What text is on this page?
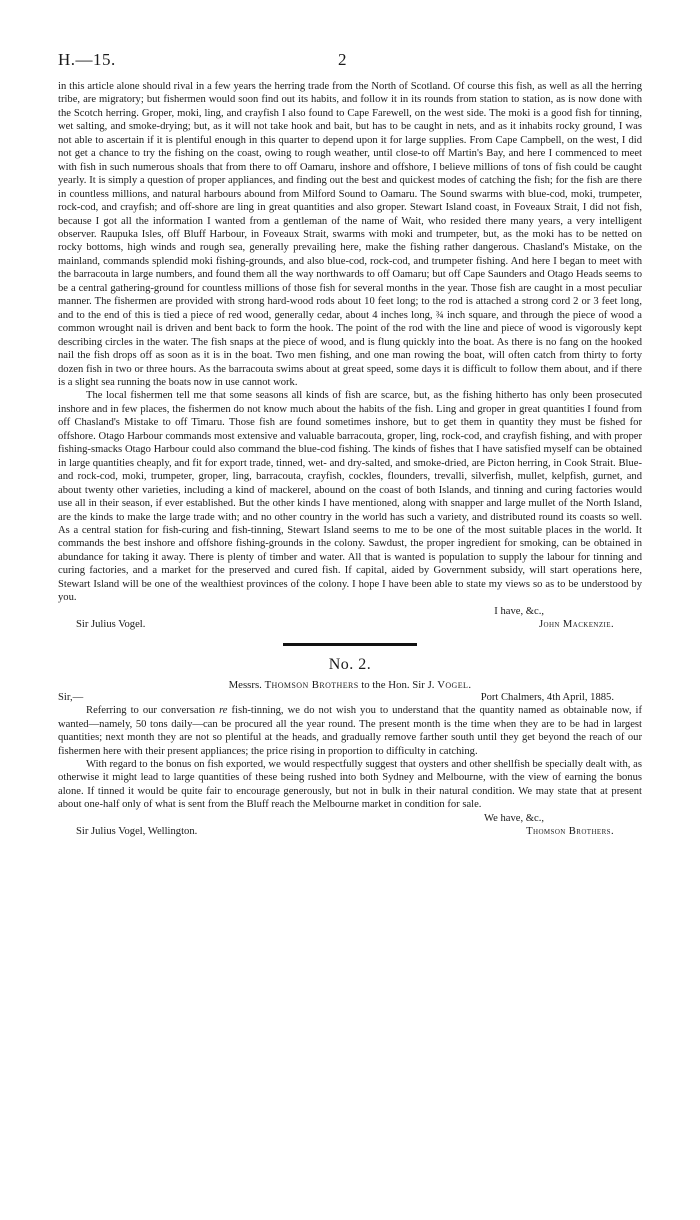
H.—15.	2

in this article alone should rival in a few years the herring trade from the North of Scotland. Of course this fish, as well as all the herring tribe, are migratory; but fishermen would soon find out its habits, and follow it in its rounds from station to station, as is now done with the Scotch herring. Groper, moki, ling, and crayfish I also found to Cape Farewell, on the west side. The moki is a good fish for tinning, wet salting, and smoke-drying; but, as it will not take hook and bait, but has to be caught in nets, and as it inhabits rocky ground, I was not able to ascertain if it is plentiful enough in this quarter to depend upon it for large supplies. From Cape Campbell, on the west, I did not get a chance to try the fishing on the coast, owing to rough weather, until close-to off Martin's Bay, and here I commenced to meet with fish in such numerous shoals that from there to off Oamaru, inshore and offshore, I believe millions of tons of fish could be caught yearly. It is simply a question of proper appliances, and finding out the best and quickest modes of catching the fish; for the fish are there in countless millions, and natural harbours abound from Milford Sound to Oamaru. The Sound swarms with blue-cod, moki, trumpeter, rock-cod, and crayfish; and off-shore are ling in great quantities and also groper. Stewart Island coast, in Foveaux Strait, I did not fish, because I got all the information I wanted from a gentleman of the name of Wait, who resided there many years, a very intelligent observer. Raupuka Isles, off Bluff Harbour, in Foveaux Strait, swarms with moki and trumpeter, but, as the moki has to be netted on rocky bottoms, high winds and rough sea, generally prevailing here, make the fishing rather dangerous. Chasland's Mistake, on the mainland, commands splendid moki fishing-grounds, and also blue-cod, rock-cod, and trumpeter fishing. And here I began to meet with the barracouta in large numbers, and found them all the way northwards to off Oamaru; but off Cape Saunders and Otago Heads seems to be a central gathering-ground for countless millions of those fish for several months in the year. Those fish are caught in a most peculiar manner. The fishermen are provided with strong hard-wood rods about 10 feet long; to the rod is attached a strong cord 2 or 3 feet long, and to the end of this is tied a piece of red wood, generally cedar, about 4 inches long, ¾ inch square, and through the piece of wood a common wrought nail is driven and bent back to form the hook. The point of the rod with the line and piece of wood is vigorously kept describing circles in the water. The fish snaps at the piece of wood, and is flung quickly into the boat. As there is no fang on the hooked nail the fish drops off as soon as it is in the boat. Two men fishing, and one man rowing the boat, will often catch from thirty to forty dozen fish in two or three hours. As the barracouta swims about at great speed, some days it is difficult to follow them about, and if there is a slight sea running the boats now in use cannot work.

The local fishermen tell me that some seasons all kinds of fish are scarce, but, as the fishing hitherto has only been prosecuted inshore and in few places, the fishermen do not know much about the habits of the fish. Ling and groper in great quantities I found from off Chasland's Mistake to off Timaru. Those fish are found sometimes inshore, but to get them in quantity they must be fished for offshore. Otago Harbour commands most extensive and valuable barracouta, groper, ling, rock-cod, and crayfish fishing, and with proper fishing-smacks Otago Harbour could also command the blue-cod fishing. The kinds of fishes that I have satisfied myself can be obtained in large quantities cheaply, and fit for export trade, tinned, wet- and dry-salted, and smoke-dried, are Picton herring, in Cook Strait. Blue- and rock-cod, moki, trumpeter, groper, ling, barracouta, crayfish, cockles, flounders, trevalli, silverfish, mullet, kelpfish, gurnet, and about twenty other varieties, including a kind of mackerel, abound on the coast of both Islands, and tinning and curing factories would use all in their season, if ever established. But the other kinds I have mentioned, along with snapper and large mullet of the North Island, are the kinds to make the large trade with; and no other country in the world has such a variety, and distributed round its coasts so well. As a central station for fish-curing and fish-tinning, Stewart Island seems to me to be one of the most suitable places in the world. It commands the best inshore and offshore fishing-grounds in the colony. Sawdust, the proper ingredient for smoking, can be obtained in abundance for taking it away. There is plenty of timber and water. All that is wanted is population to supply the labour for tinning and curing factories, and a market for the preserved and cured fish. If capital, aided by Government subsidy, will start operations here, Stewart Island will be one of the wealthiest provinces of the colony. I hope I have been able to state my views so as to be understood by you.

I have, &c.,
Sir Julius Vogel.	John Mackenzie.
No. 2.
Messrs. Thomson Brothers to the Hon. Sir J. Vogel.
Sir,—	Port Chalmers, 4th April, 1885.

Referring to our conversation re fish-tinning, we do not wish you to understand that the quantity named as obtainable now, if wanted—namely, 50 tons daily—can be procured all the year round. The present month is the time when they are to be had in largest quantities; next month they are not so plentiful at the heads, and gradually remove farther south until they get beyond the reach of our fishermen here with their present appliances; the price rising in proportion to difficulty in catching.

With regard to the bonus on fish exported, we would respectfully suggest that oysters and other shellfish be specially dealt with, as otherwise it might lead to large quantities of these being rushed into both Sydney and Melbourne, with the view of earning the bonus alone. If tinned it would be quite fair to encourage generously, but not in bulk in their natural condition. We may state that at present about one-half only of what is sent from the Bluff reach the Melbourne market in condition for sale.

We have, &c.,
Sir Julius Vogel, Wellington.	Thomson Brothers.
